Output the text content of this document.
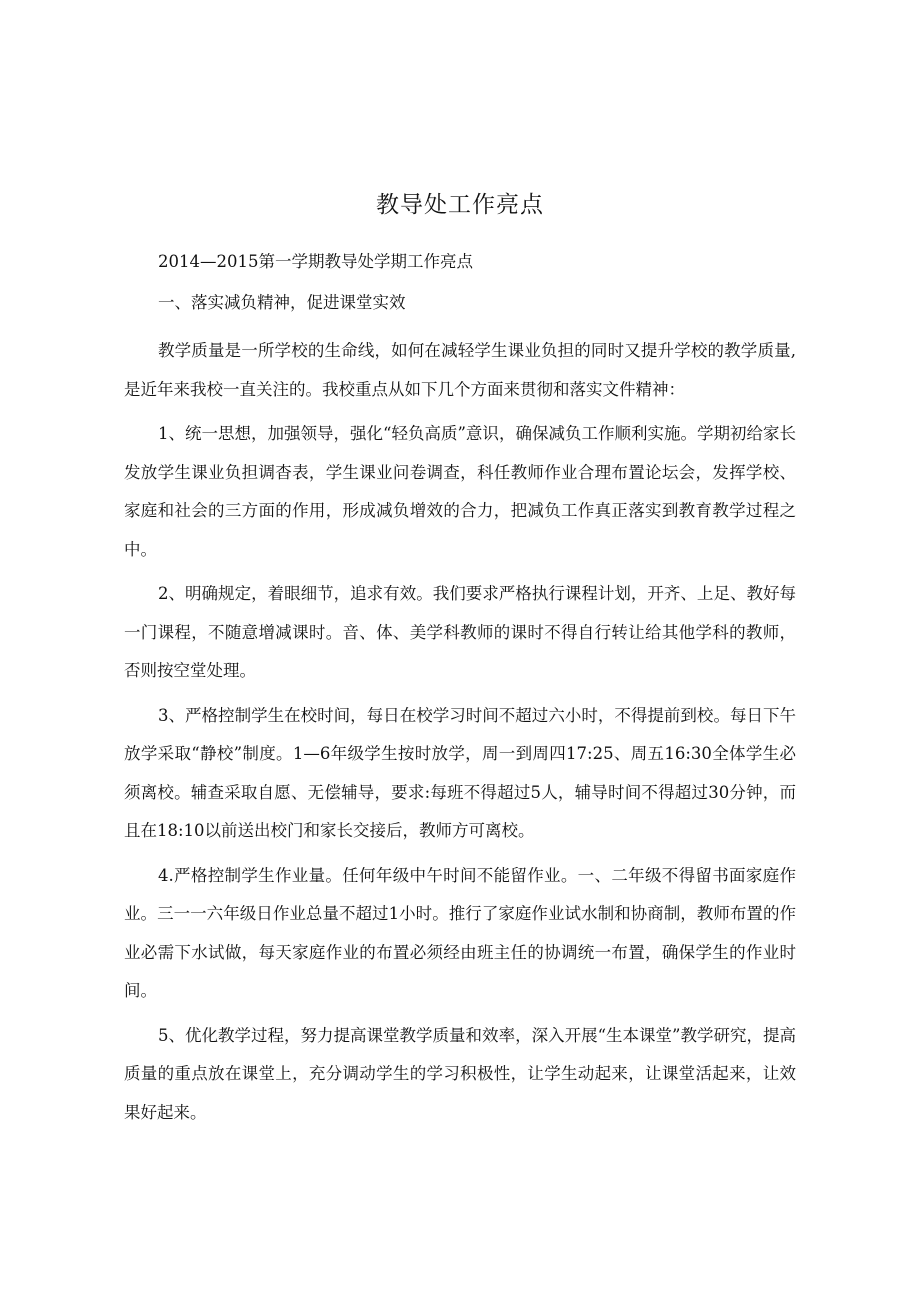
教导处工作亮点

2014—2015第一学期教导处学期工作亮点

一、落实减负精神，促进课堂实效

教学质量是一所学校的生命线，如何在减轻学生课业负担的同时又提升学校的教学质量,是近年来我校一直关注的。我校重点从如下几个方面来贯彻和落实文件精神：

1、统一思想，加强领导，强化“轻负高质”意识，确保减负工作顺利实施。学期初给家长发放学生课业负担调杳表，学生课业问卷调查，科任教师作业合理布置论坛会，发挥学校、家庭和社会的三方面的作用，形成减负增效的合力，把减负工作真正落实到教育教学过程之中。

2、明确规定，着眼细节，追求有效。我们要求严格执行课程计划，开齐、上足、教好每一门课程，不随意增减课时。音、体、美学科教师的课时不得自行转让给其他学科的教师，否则按空堂处理。

3、严格控制学生在校时间，每日在校学习时间不超过六小时，不得提前到校。每日下午放学采取“静校”制度。1—6年级学生按时放学，周一到周四17:25、周五16:30全体学生必须离校。辅查采取自愿、无偿辅导，要求:每班不得超过5人，辅导时间不得超过30分钟，而且在18:10以前送出校门和家长交接后，教师方可离校。

4.严格控制学生作业量。任何年级中午时间不能留作业。一、二年级不得留书面家庭作业。三一一六年级日作业总量不超过1小时。推行了家庭作业试水制和协商制，教师布置的作业必需下水试做，每天家庭作业的布置必须经由班主任的协调统一布置，确保学生的作业时间。

5、优化教学过程，努力提高课堂教学质量和效率，深入开展“生本课堂”教学研究，提高质量的重点放在课堂上，充分调动学生的学习积极性，让学生动起来，让课堂活起来，让效果好起来。
